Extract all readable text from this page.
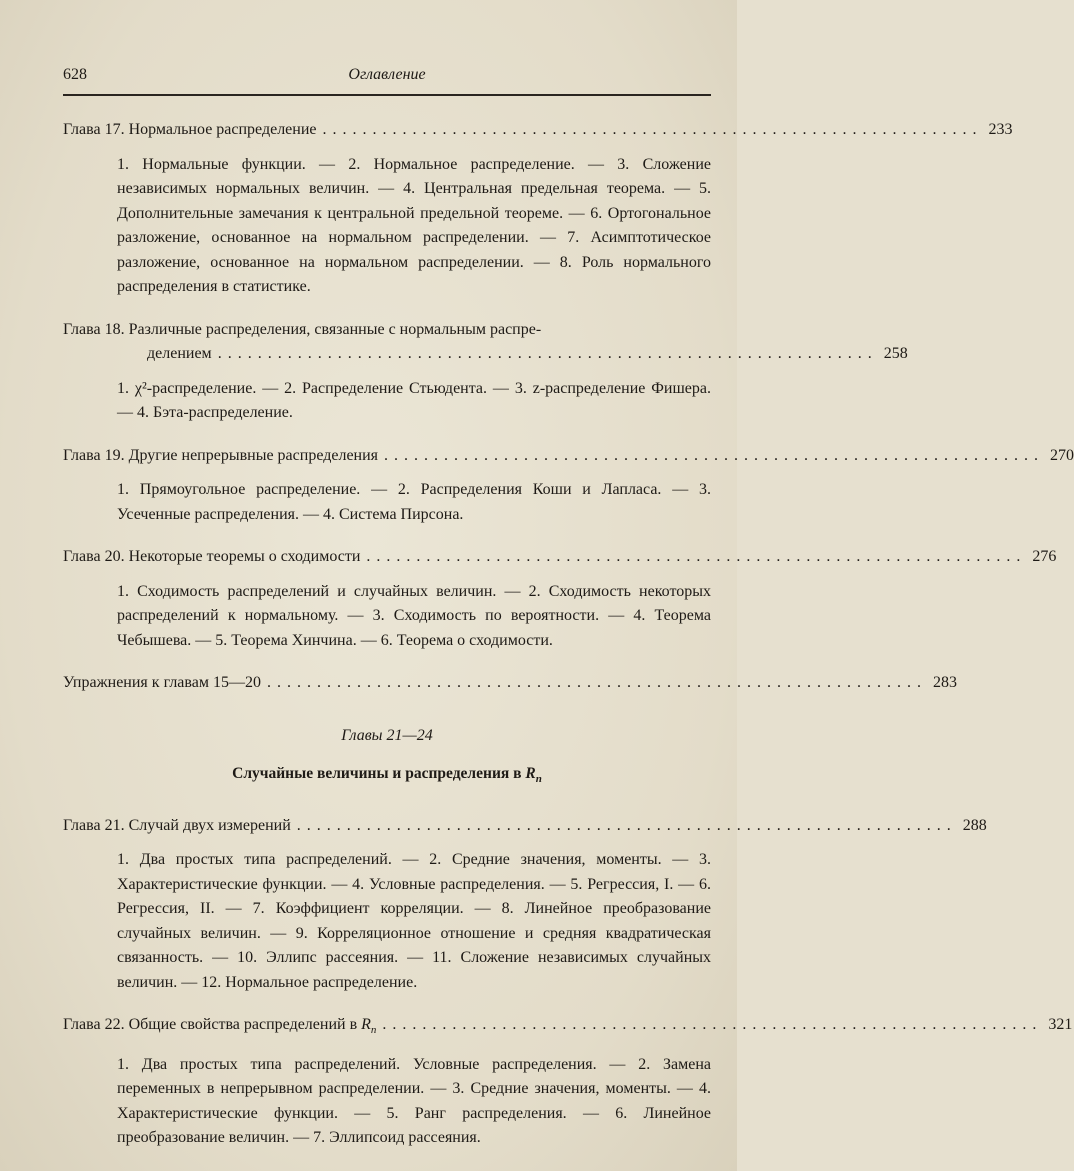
628	Оглавление
Глава 17. Нормальное распределение .................................................................. 233
1. Нормальные функции. — 2. Нормальное распределение. — 3. Сложение независимых нормальных величин. — 4. Центральная предельная теорема. — 5. Дополнительные замечания к центральной предельной теореме. — 6. Ортогональное разложение, основанное на нормальном распределении. — 7. Асимптотическое разложение, основанное на нормальном распределении. — 8. Роль нормального распределения в статистике.
Глава 18. Различные распределения, связанные с нормальным распре-
делением .................................................................. 258
1. χ²-распределение. — 2. Распределение Стьюдента. — 3. z-распределение Фишера. — 4. Бэта-распределение.
Глава 19. Другие непрерывные распределения .................................................................. 270
1. Прямоугольное распределение. — 2. Распределения Коши и Лапласа. — 3. Усеченные распределения. — 4. Система Пирсона.
Глава 20. Некоторые теоремы о сходимости .................................................................. 276
1. Сходимость распределений и случайных величин. — 2. Сходимость некоторых распределений к нормальному. — 3. Сходимость по вероятности. — 4. Теорема Чебышева. — 5. Теорема Хинчина. — 6. Теорема о сходимости.
Упражнения к главам 15—20 .................................................................. 283
Главы 21—24
Случайные величины и распределения в $R_n$
Глава 21. Случай двух измерений .................................................................. 288
1. Два простых типа распределений. — 2. Средние значения, моменты. — 3. Характеристические функции. — 4. Условные распределения. — 5. Регрессия, I. — 6. Регрессия, II. — 7. Коэффициент корреляции. — 8. Линейное преобразование случайных величин. — 9. Корреляционное отношение и средняя квадратическая связанность. — 10. Эллипс рассеяния. — 11. Сложение независимых случайных величин. — 12. Нормальное распределение.
Глава 22. Общие свойства распределений в $R_n$ .................................................................. 321
1. Два простых типа распределений. Условные распределения. — 2. Замена переменных в непрерывном распределении. — 3. Средние значения, моменты. — 4. Характеристические функции. — 5. Ранг распределения. — 6. Линейное преобразование величин. — 7. Эллипсоид рассеяния.
